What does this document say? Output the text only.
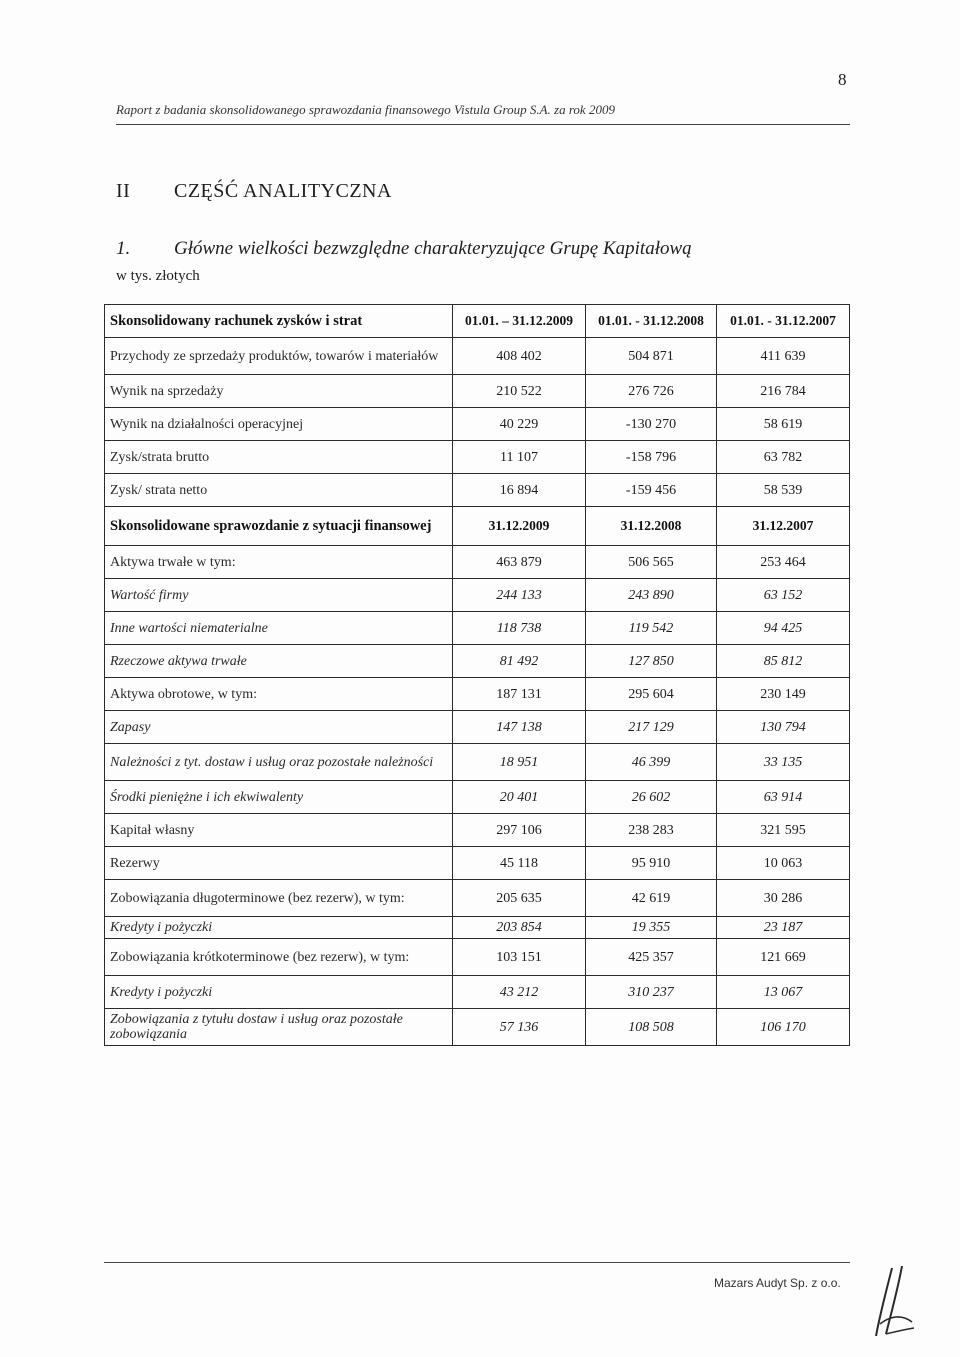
8
Raport z badania skonsolidowanego sprawozdania finansowego Vistula Group S.A. za rok 2009
II CZĘŚĆ ANALITYCZNA
1. Główne wielkości bezwzględne charakteryzujące Grupę Kapitałową
w tys. złotych
Skonsolidowany rachunek zysków i strat	01.01. – 31.12.2009	01.01. - 31.12.2008	01.01. - 31.12.2007
Przychody ze sprzedaży produktów, towarów i materiałów	408 402	504 871	411 639
Wynik na sprzedaży	210 522	276 726	216 784
Wynik na działalności operacyjnej	40 229	-130 270	58 619
Zysk/strata brutto	11 107	-158 796	63 782
Zysk/ strata netto	16 894	-159 456	58 539
Skonsolidowane sprawozdanie z sytuacji finansowej	31.12.2009	31.12.2008	31.12.2007
Aktywa trwałe w tym:	463 879	506 565	253 464
Wartość firmy	244 133	243 890	63 152
Inne wartości niematerialne	118 738	119 542	94 425
Rzeczowe aktywa trwałe	81 492	127 850	85 812
Aktywa obrotowe, w tym:	187 131	295 604	230 149
Zapasy	147 138	217 129	130 794
Należności z tyt. dostaw i usług oraz pozostałe należności	18 951	46 399	33 135
Środki pieniężne i ich ekwiwalenty	20 401	26 602	63 914
Kapitał własny	297 106	238 283	321 595
Rezerwy	45 118	95 910	10 063
Zobowiązania długoterminowe (bez rezerw), w tym:	205 635	42 619	30 286
Kredyty i pożyczki	203 854	19 355	23 187
Zobowiązania krótkoterminowe (bez rezerw), w tym:	103 151	425 357	121 669
Kredyty i pożyczki	43 212	310 237	13 067
Zobowiązania z tytułu dostaw i usług oraz pozostałe zobowiązania	57 136	108 508	106 170
Mazars Audyt Sp. z o.o.
